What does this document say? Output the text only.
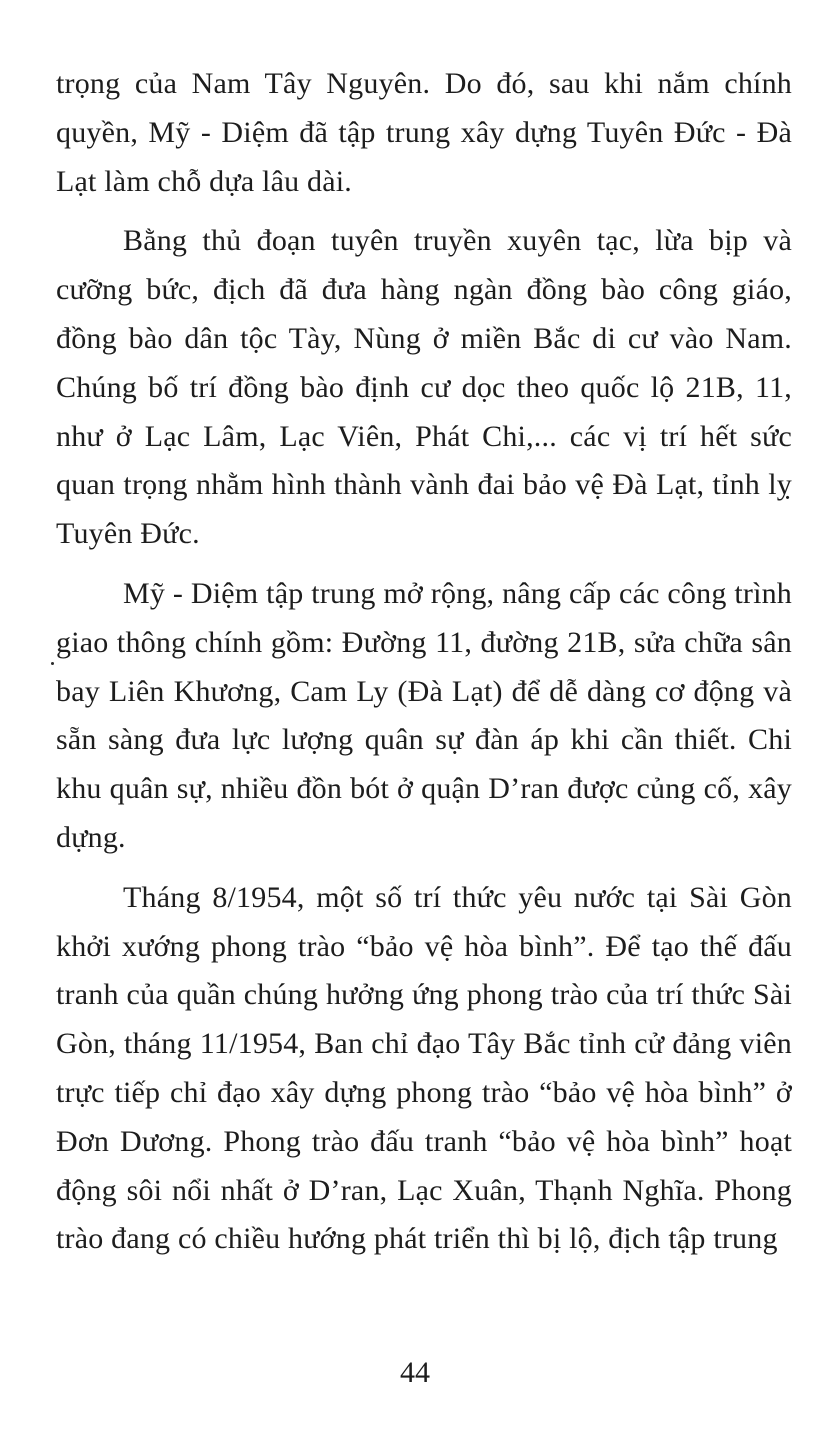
trọng của Nam Tây Nguyên. Do đó, sau khi nắm chính quyền, Mỹ - Diệm đã tập trung xây dựng Tuyên Đức - Đà Lạt làm chỗ dựa lâu dài.

Bằng thủ đoạn tuyên truyền xuyên tạc, lừa bịp và cưỡng bức, địch đã đưa hàng ngàn đồng bào công giáo, đồng bào dân tộc Tày, Nùng ở miền Bắc di cư vào Nam. Chúng bố trí đồng bào định cư dọc theo quốc lộ 21B, 11, như ở Lạc Lâm, Lạc Viên, Phát Chi,... các vị trí hết sức quan trọng nhằm hình thành vành đai bảo vệ Đà Lạt, tỉnh lỵ Tuyên Đức.

Mỹ - Diệm tập trung mở rộng, nâng cấp các công trình giao thông chính gồm: Đường 11, đường 21B, sửa chữa sân bay Liên Khương, Cam Ly (Đà Lạt) để dễ dàng cơ động và sẵn sàng đưa lực lượng quân sự đàn áp khi cần thiết. Chi khu quân sự, nhiều đồn bót ở quận D’ran được củng cố, xây dựng.

Tháng 8/1954, một số trí thức yêu nước tại Sài Gòn khởi xướng phong trào “bảo vệ hòa bình”. Để tạo thế đấu tranh của quần chúng hưởng ứng phong trào của trí thức Sài Gòn, tháng 11/1954, Ban chỉ đạo Tây Bắc tỉnh cử đảng viên trực tiếp chỉ đạo xây dựng phong trào “bảo vệ hòa bình” ở Đơn Dương. Phong trào đấu tranh “bảo vệ hòa bình” hoạt động sôi nổi nhất ở D’ran, Lạc Xuân, Thạnh Nghĩa. Phong trào đang có chiều hướng phát triển thì bị lộ, địch tập trung

44
